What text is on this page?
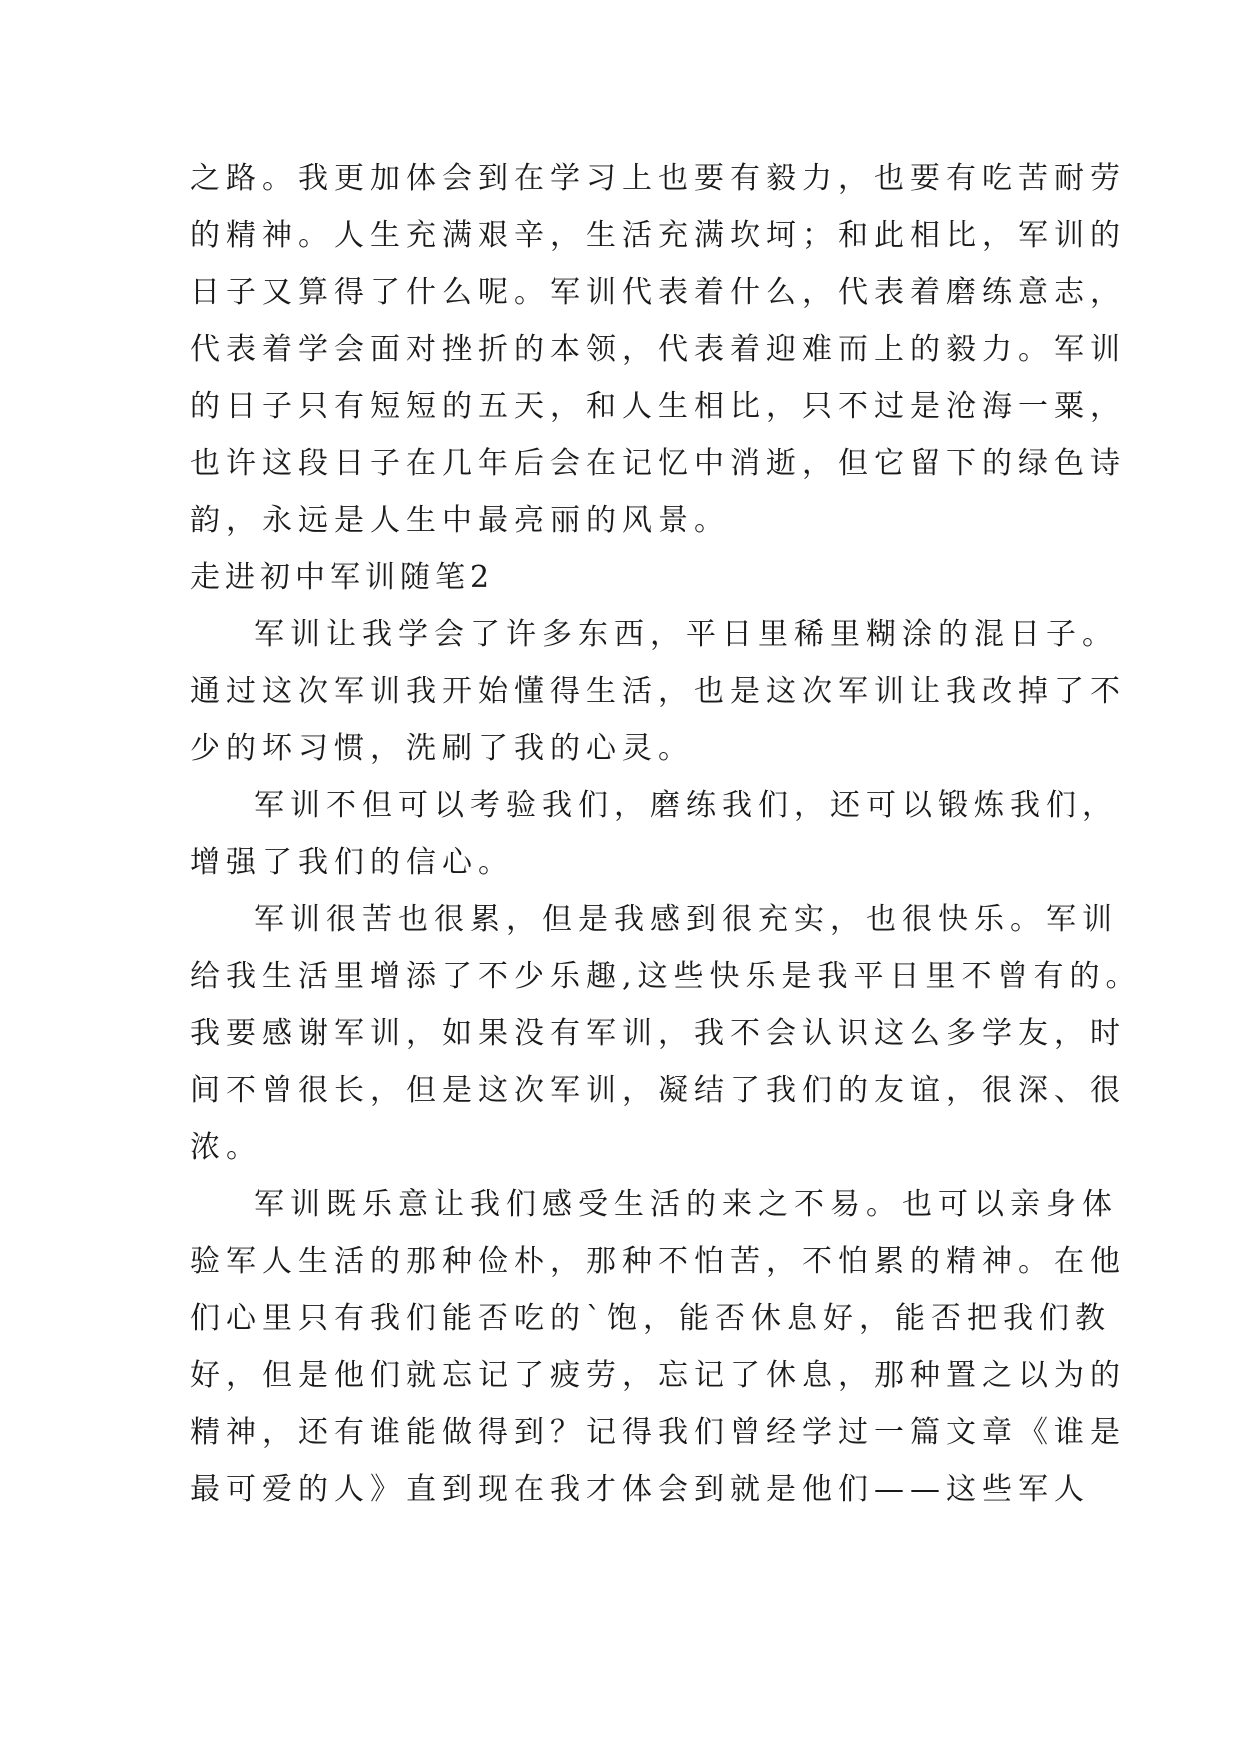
之路。我更加体会到在学习上也要有毅力，也要有吃苦耐劳
的精神。人生充满艰辛，生活充满坎坷；和此相比，军训的
日子又算得了什么呢。军训代表着什么，代表着磨练意志，
代表着学会面对挫折的本领，代表着迎难而上的毅力。军训
的日子只有短短的五天，和人生相比，只不过是沧海一粟，
也许这段日子在几年后会在记忆中消逝，但它留下的绿色诗
韵，永远是人生中最亮丽的风景。
走进初中军训随笔2
军训让我学会了许多东西，平日里稀里糊涂的混日子。
通过这次军训我开始懂得生活，也是这次军训让我改掉了不
少的坏习惯，洗刷了我的心灵。
军训不但可以考验我们，磨练我们，还可以锻炼我们，
增强了我们的信心。
军训很苦也很累，但是我感到很充实，也很快乐。军训
给我生活里增添了不少乐趣,这些快乐是我平日里不曾有的。
我要感谢军训，如果没有军训，我不会认识这么多学友，时
间不曾很长，但是这次军训，凝结了我们的友谊，很深、很
浓。
军训既乐意让我们感受生活的来之不易。也可以亲身体
验军人生活的那种俭朴，那种不怕苦，不怕累的精神。在他
们心里只有我们能否吃的`饱，能否休息好，能否把我们教
好，但是他们就忘记了疲劳，忘记了休息，那种置之以为的
精神，还有谁能做得到？记得我们曾经学过一篇文章《谁是
最可爱的人》直到现在我才体会到就是他们——这些军人
